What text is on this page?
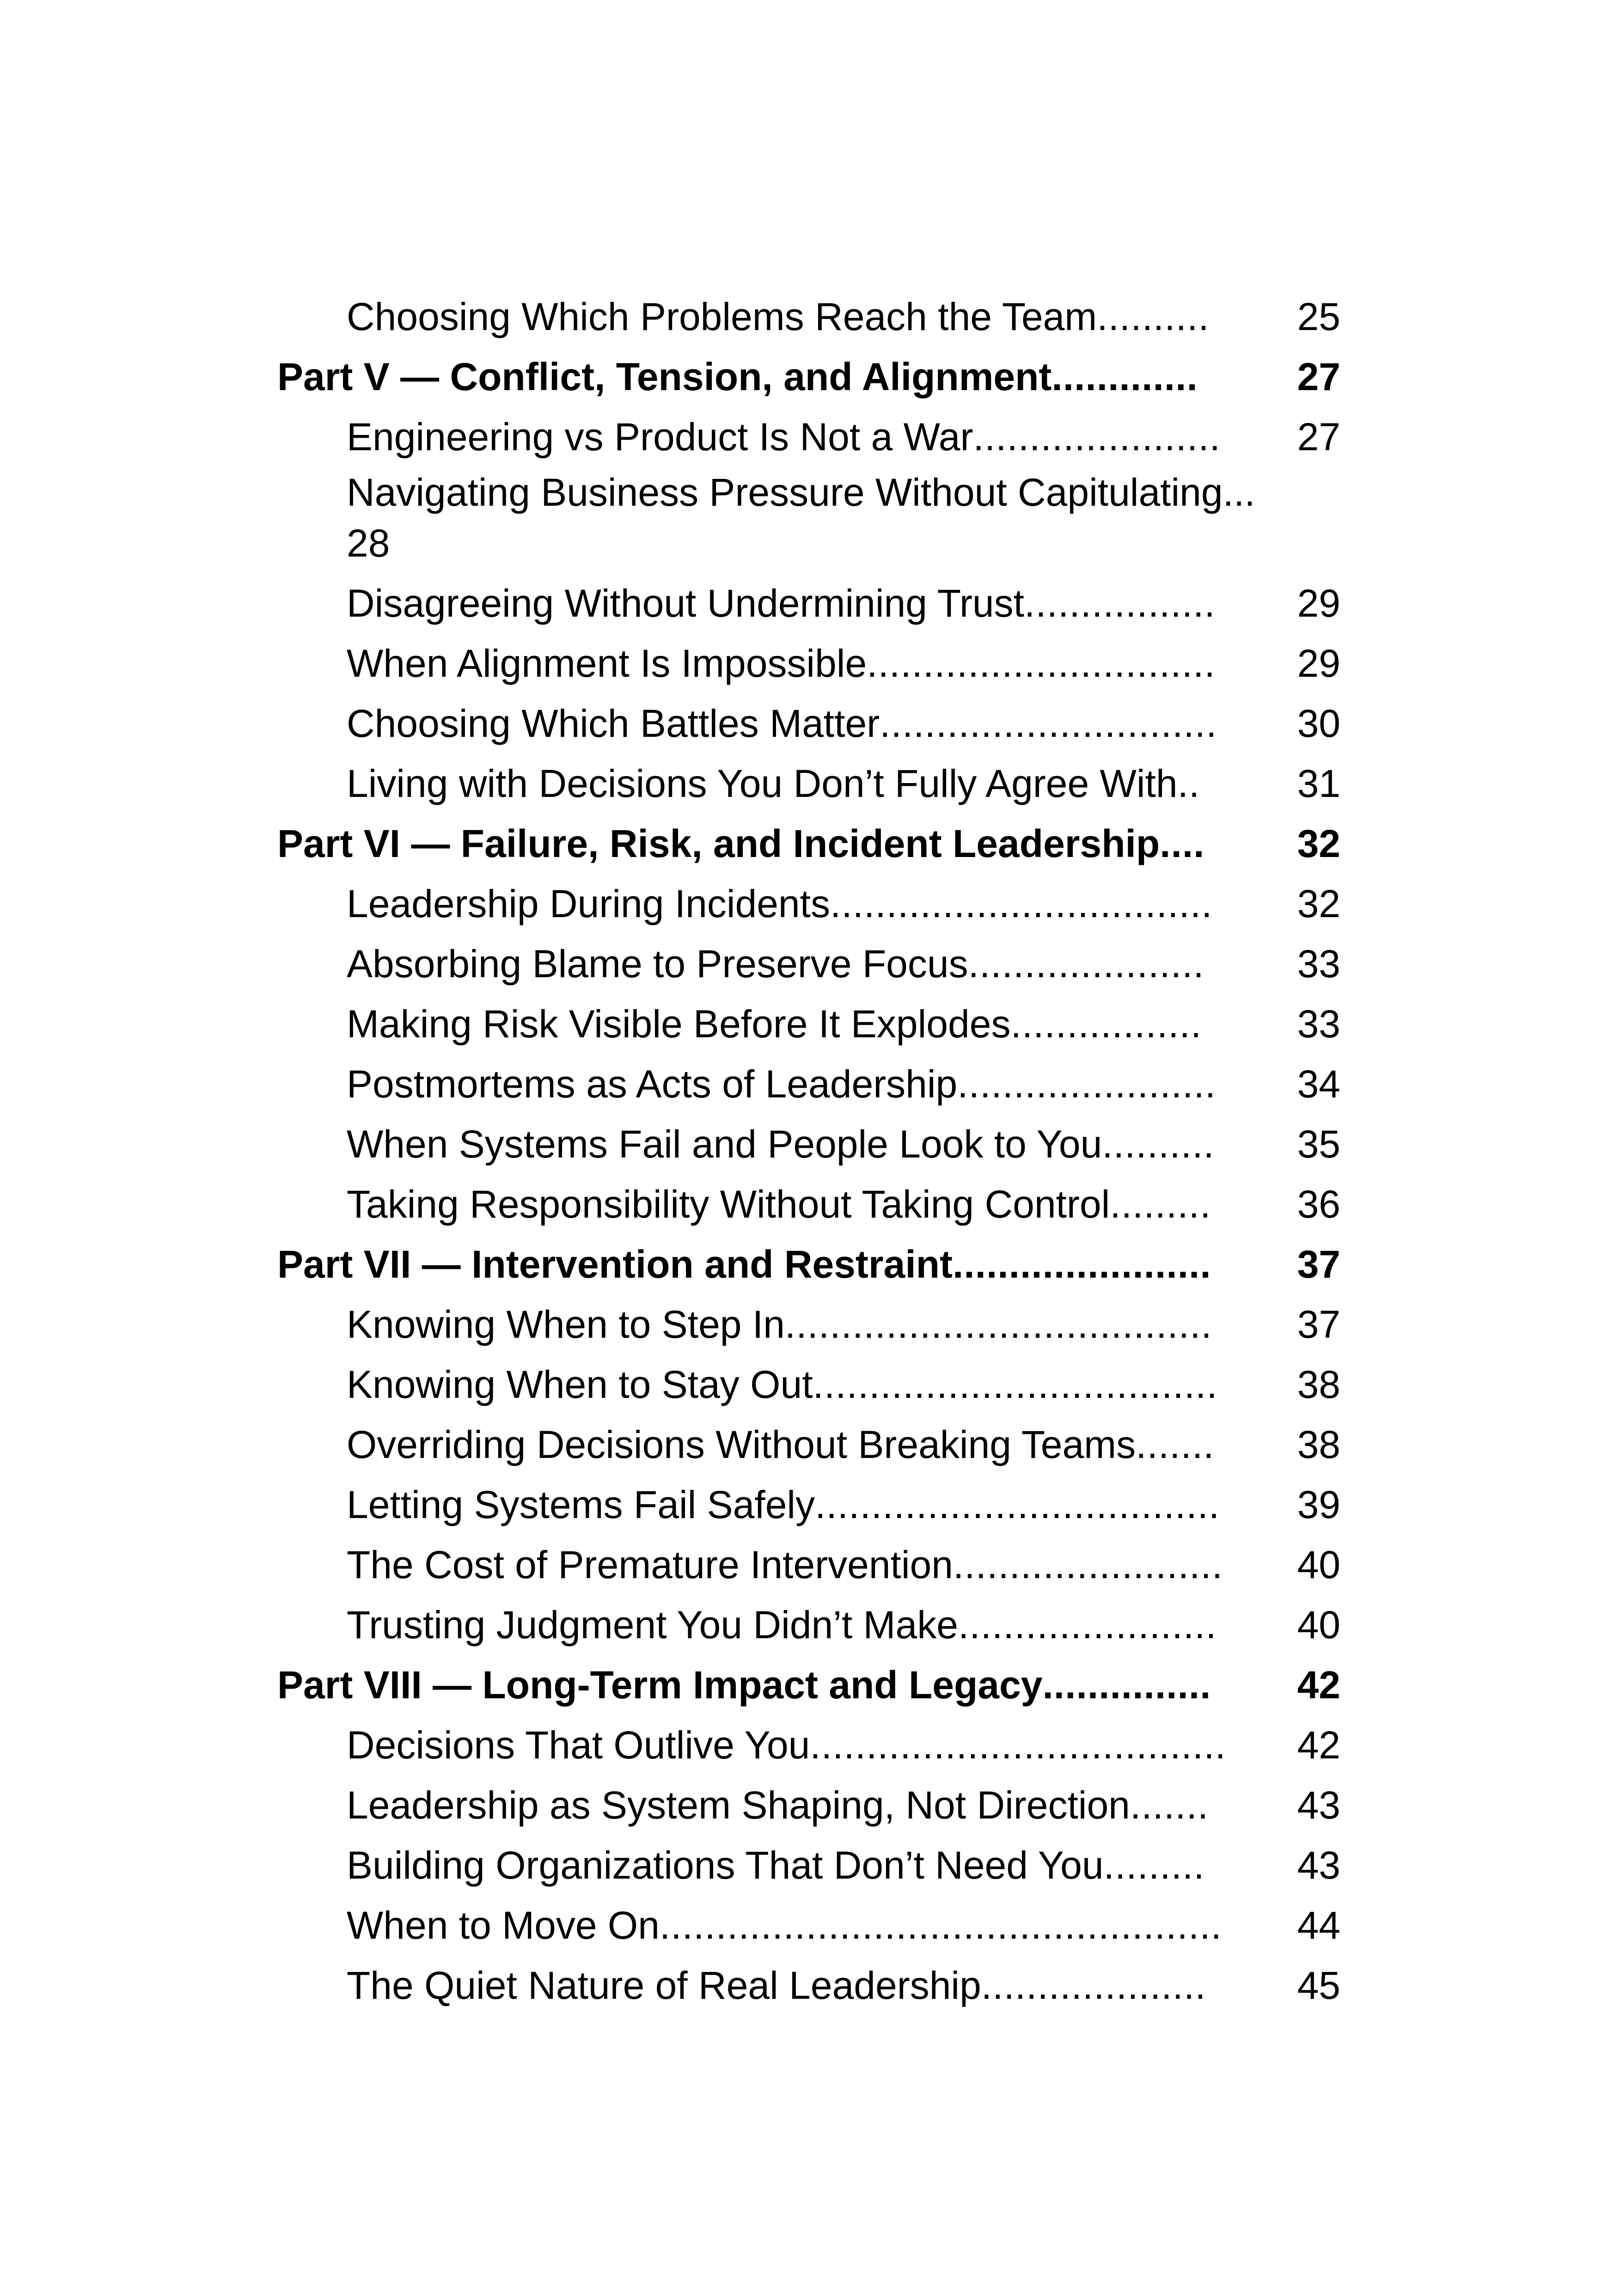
Choosing Which Problems Reach the Team ..........	25
Part V — Conflict, Tension, and Alignment .............	27
Engineering vs Product Is Not a War ......................	27
Navigating Business Pressure Without Capitulating...
28
Disagreeing Without Undermining Trust .................	29
When Alignment Is Impossible ...............................	29
Choosing Which Battles Matter ..............................	30
Living with Decisions You Don’t Fully Agree With ..	31
Part VI — Failure, Risk, and Incident Leadership ....	32
Leadership During Incidents ..................................	32
Absorbing Blame to Preserve Focus .....................	33
Making Risk Visible Before It Explodes .................	33
Postmortems as Acts of Leadership .......................	34
When Systems Fail and People Look to You ..........	35
Taking Responsibility Without Taking Control .........	36
Part VII — Intervention and Restraint .......................	37
Knowing When to Step In ......................................	37
Knowing When to Stay Out ....................................	38
Overriding Decisions Without Breaking Teams .......	38
Letting Systems Fail Safely ....................................	39
The Cost of Premature Intervention ........................	40
Trusting Judgment You Didn’t Make .......................	40
Part VIII — Long-Term Impact and Legacy ...............	42
Decisions That Outlive You .....................................	42
Leadership as System Shaping, Not Direction .......	43
Building Organizations That Don’t Need You .........	43
When to Move On ..................................................	44
The Quiet Nature of Real Leadership ....................	45
